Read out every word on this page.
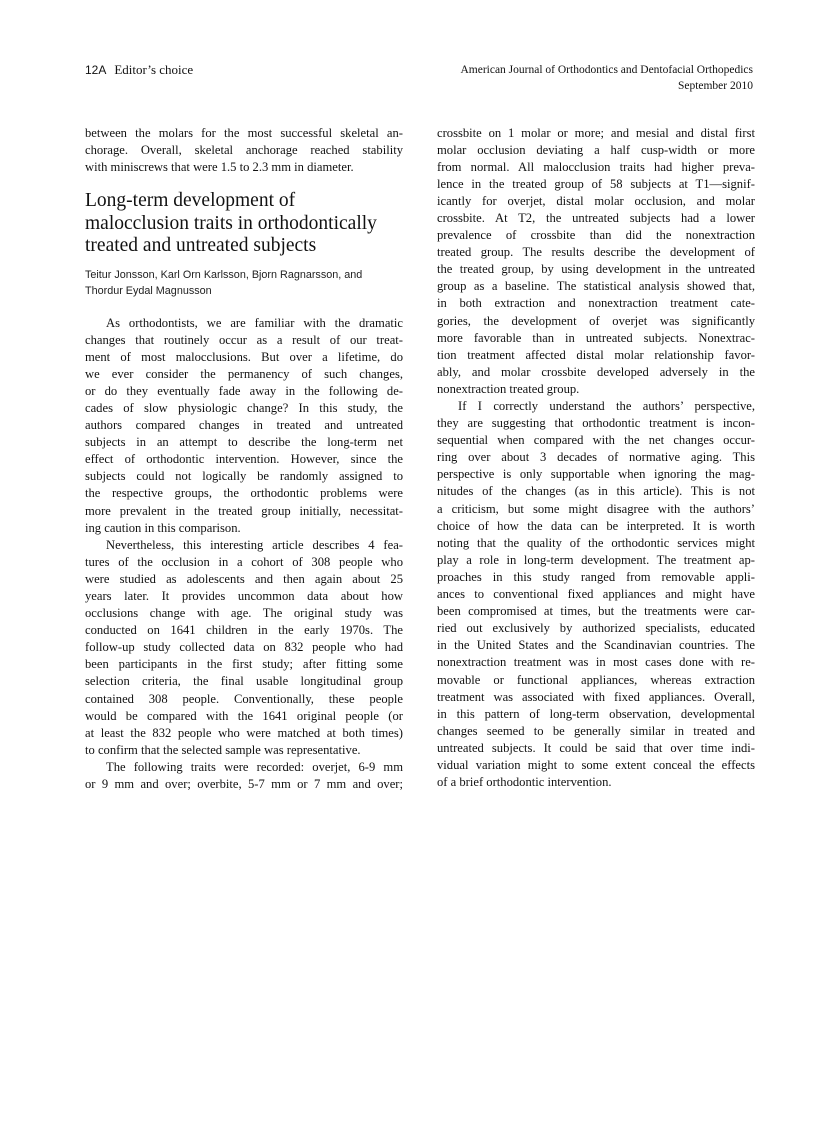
12A Editor’s choice	American Journal of Orthodontics and Dentofacial Orthopedics
September 2010
between the molars for the most successful skeletal an-
chorage. Overall, skeletal anchorage reached stability
with miniscrews that were 1.5 to 2.3 mm in diameter.
Long-term development of
malocclusion traits in orthodontically
treated and untreated subjects
Teitur Jonsson, Karl Orn Karlsson, Bjorn Ragnarsson, and
Thordur Eydal Magnusson
As orthodontists, we are familiar with the dramatic
changes that routinely occur as a result of our treat-
ment of most malocclusions. But over a lifetime, do
we ever consider the permanency of such changes,
or do they eventually fade away in the following de-
cades of slow physiologic change? In this study, the
authors compared changes in treated and untreated
subjects in an attempt to describe the long-term net
effect of orthodontic intervention. However, since the
subjects could not logically be randomly assigned to
the respective groups, the orthodontic problems were
more prevalent in the treated group initially, necessitat-
ing caution in this comparison.
Nevertheless, this interesting article describes 4 fea-
tures of the occlusion in a cohort of 308 people who
were studied as adolescents and then again about 25
years later. It provides uncommon data about how
occlusions change with age. The original study was
conducted on 1641 children in the early 1970s. The
follow-up study collected data on 832 people who had
been participants in the first study; after fitting some
selection criteria, the final usable longitudinal group
contained 308 people. Conventionally, these people
would be compared with the 1641 original people (or
at least the 832 people who were matched at both times)
to confirm that the selected sample was representative.
The following traits were recorded: overjet, 6-9 mm
or 9 mm and over; overbite, 5-7 mm or 7 mm and over;
crossbite on 1 molar or more; and mesial and distal first
molar occlusion deviating a half cusp-width or more
from normal. All malocclusion traits had higher preva-
lence in the treated group of 58 subjects at T1—signif-
icantly for overjet, distal molar occlusion, and molar
crossbite. At T2, the untreated subjects had a lower
prevalence of crossbite than did the nonextraction
treated group. The results describe the development of
the treated group, by using development in the untreated
group as a baseline. The statistical analysis showed that,
in both extraction and nonextraction treatment cate-
gories, the development of overjet was significantly
more favorable than in untreated subjects. Nonextrac-
tion treatment affected distal molar relationship favor-
ably, and molar crossbite developed adversely in the
nonextraction treated group.
If I correctly understand the authors’ perspective,
they are suggesting that orthodontic treatment is incon-
sequential when compared with the net changes occur-
ring over about 3 decades of normative aging. This
perspective is only supportable when ignoring the mag-
nitudes of the changes (as in this article). This is not
a criticism, but some might disagree with the authors’
choice of how the data can be interpreted. It is worth
noting that the quality of the orthodontic services might
play a role in long-term development. The treatment ap-
proaches in this study ranged from removable appli-
ances to conventional fixed appliances and might have
been compromised at times, but the treatments were car-
ried out exclusively by authorized specialists, educated
in the United States and the Scandinavian countries. The
nonextraction treatment was in most cases done with re-
movable or functional appliances, whereas extraction
treatment was associated with fixed appliances. Overall,
in this pattern of long-term observation, developmental
changes seemed to be generally similar in treated and
untreated subjects. It could be said that over time indi-
vidual variation might to some extent conceal the effects
of a brief orthodontic intervention.
